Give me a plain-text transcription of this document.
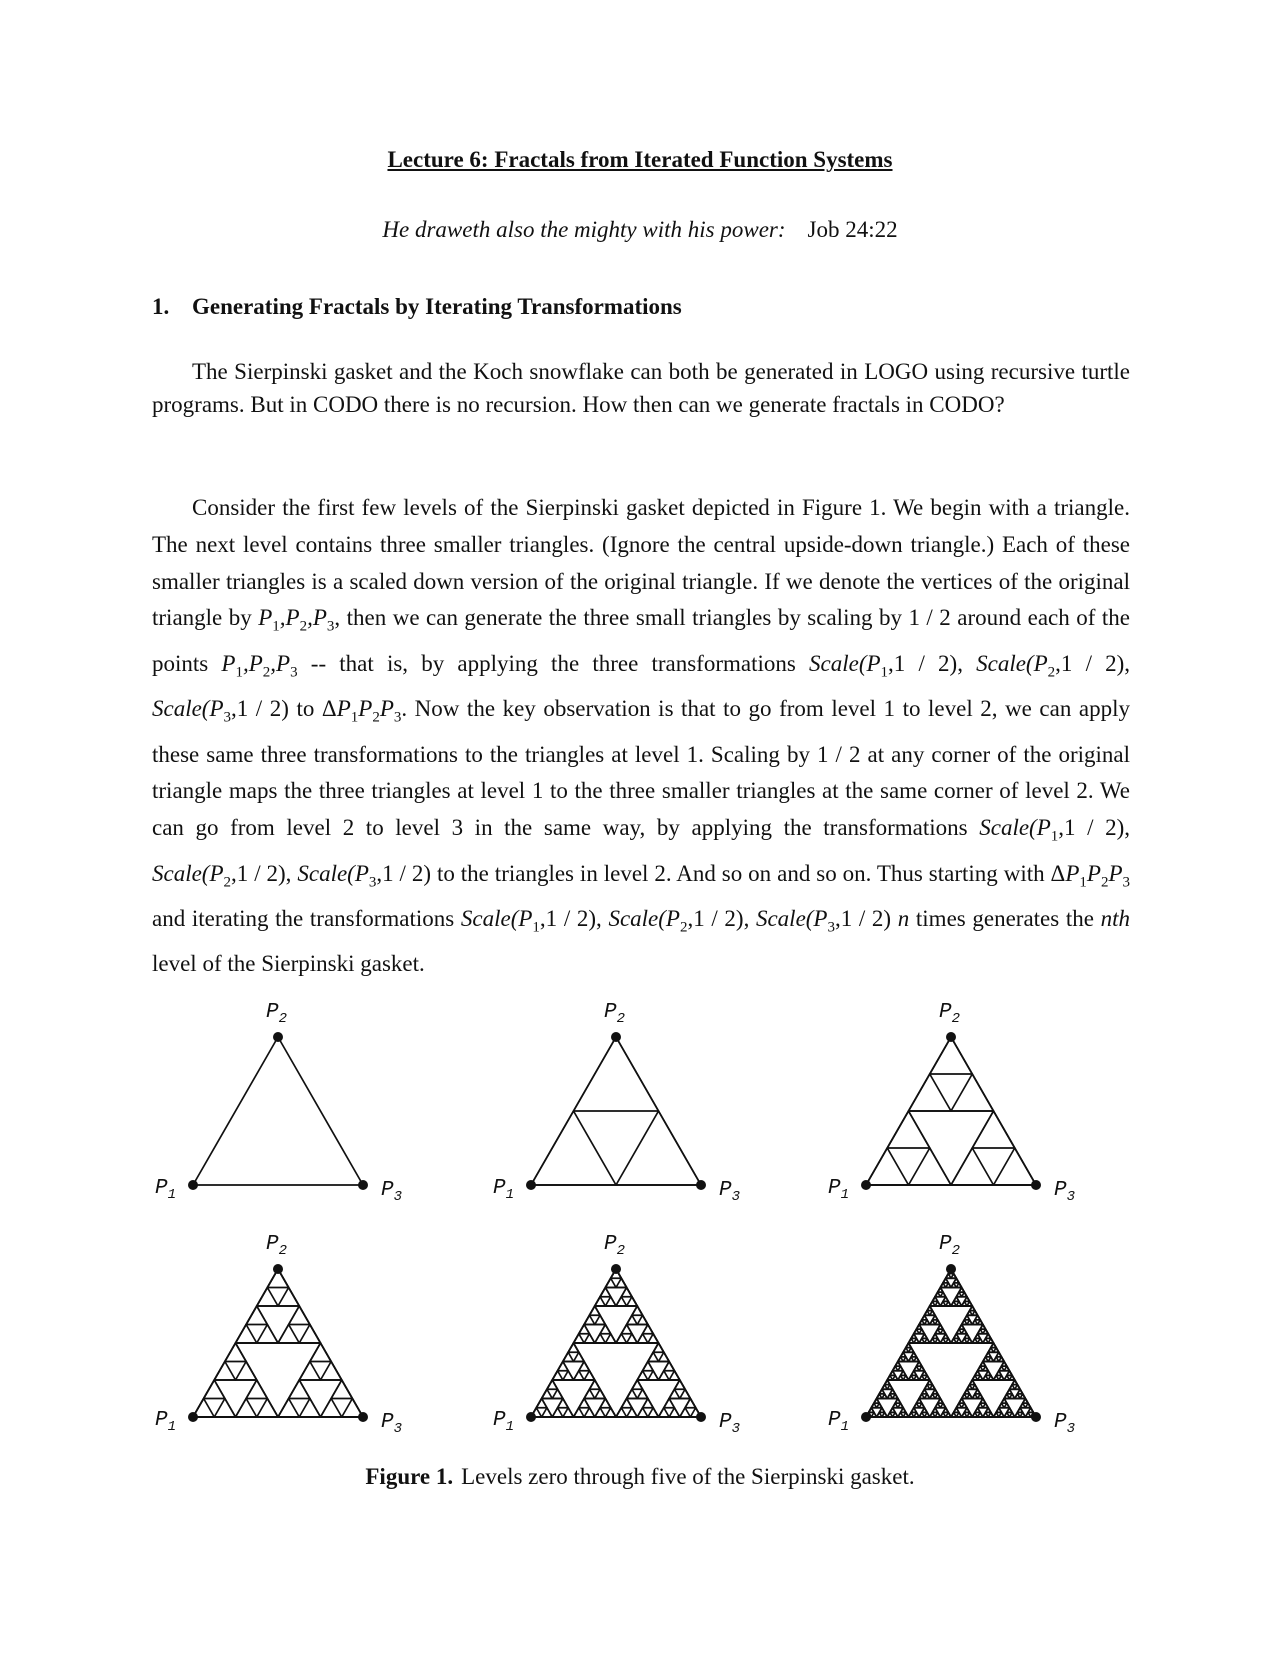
Lecture 6: Fractals from Iterated Function Systems
He draweth also the mighty with his power: Job 24:22
1. Generating Fractals by Iterating Transformations

The Sierpinski gasket and the Koch snowflake can both be generated in LOGO using recursive turtle programs. But in CODO there is no recursion. How then can we generate fractals in CODO?

Consider the first few levels of the Sierpinski gasket depicted in Figure 1. We begin with a triangle. The next level contains three smaller triangles. (Ignore the central upside-down triangle.) Each of these smaller triangles is a scaled down version of the original triangle. If we denote the vertices of the original triangle by $P_1,P_2,P_3$, then we can generate the three small triangles by scaling by 1 / 2 around each of the points $P_1,P_2,P_3$ -- that is, by applying the three transformations $Scale(P_1,1 / 2)$, $Scale(P_2,1 / 2)$, $Scale(P_3,1 / 2)$ to $\Delta P_1P_2P_3$. Now the key observation is that to go from level 1 to level 2, we can apply these same three transformations to the triangles at level 1. Scaling by 1 / 2 at any corner of the original triangle maps the three triangles at level 1 to the three smaller triangles at the same corner of level 2. We can go from level 2 to level 3 in the same way, by applying the transformations $Scale(P_1,1 / 2)$, $Scale(P_2,1 / 2)$, $Scale(P_3,1 / 2)$ to the triangles in level 2. And so on and so on. Thus starting with $\Delta P_1P_2P_3$ and iterating the transformations $Scale(P_1,1 / 2)$, $Scale(P_2,1 / 2)$, $Scale(P_3,1 / 2)$ n times generates the nth level of the Sierpinski gasket.

$P_2$
$P_1$	$P_3$
$P_2$
$P_1$	$P_3$
$P_2$
$P_1$	$P_3$
$P_2$
$P_1$	$P_3$
$P_2$
$P_1$	$P_3$
$P_2$
$P_1$	$P_3$
Figure 1. Levels zero through five of the Sierpinski gasket.
